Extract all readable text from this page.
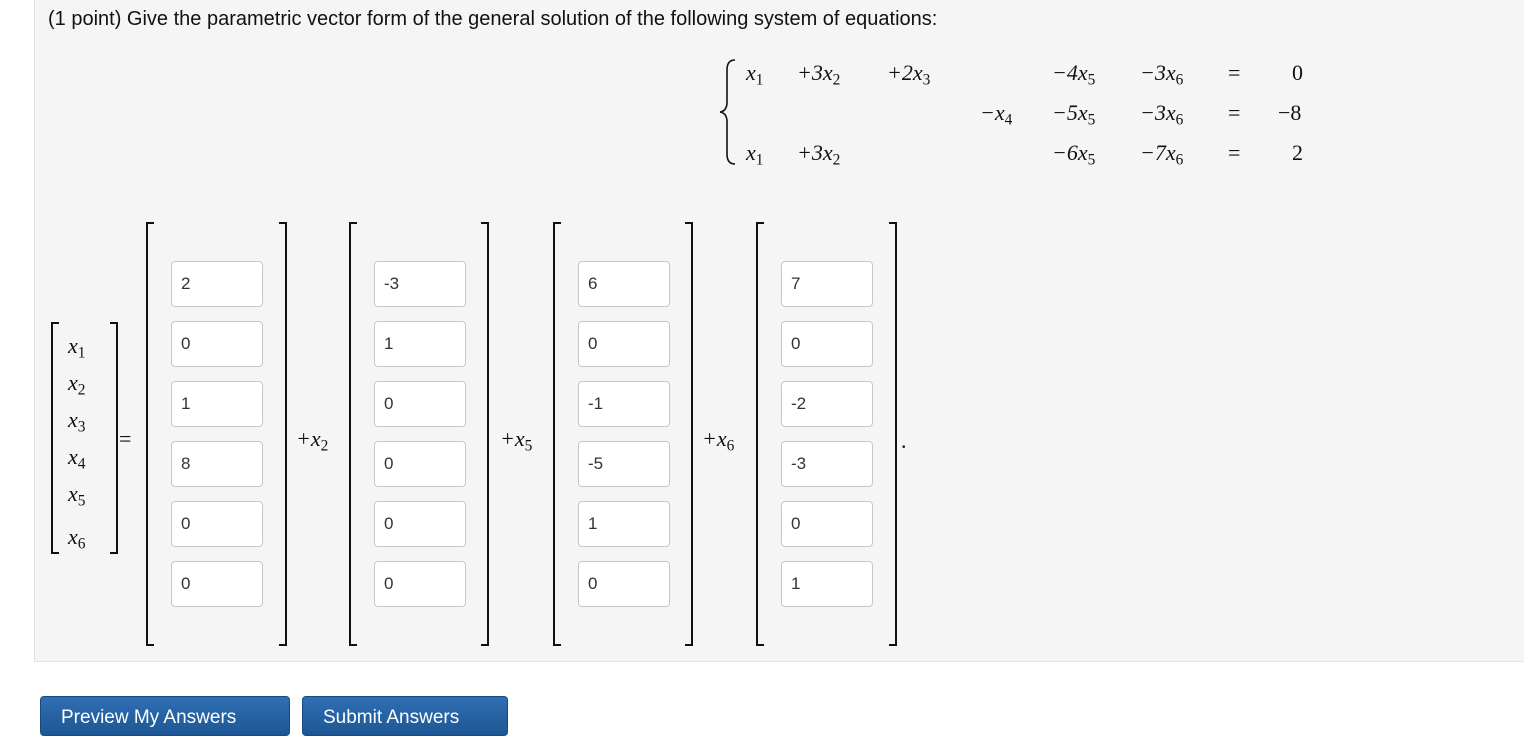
(1 point) Give the parametric vector form of the general solution of the following system of equations:
$x_1 +3x_2 +2x_3$	$-4x_5 -3x_6 = 0$
$-x_4 -5x_5 -3x_6 = -8$
$x_1 +3x_2$	$-6x_5 -7x_6 = 2$
$x_1$
$x_2$
$x_3$
$x_4$
$x_5$
$x_6$
=	$+x_2$	$+x_5$	$+x_6$	.
2
0
1
8
0
0
-3
1
0
0
0
0
6
0
-1
-5
1
0
7
0
-2
-3
0
1
Preview My Answers	Submit Answers
